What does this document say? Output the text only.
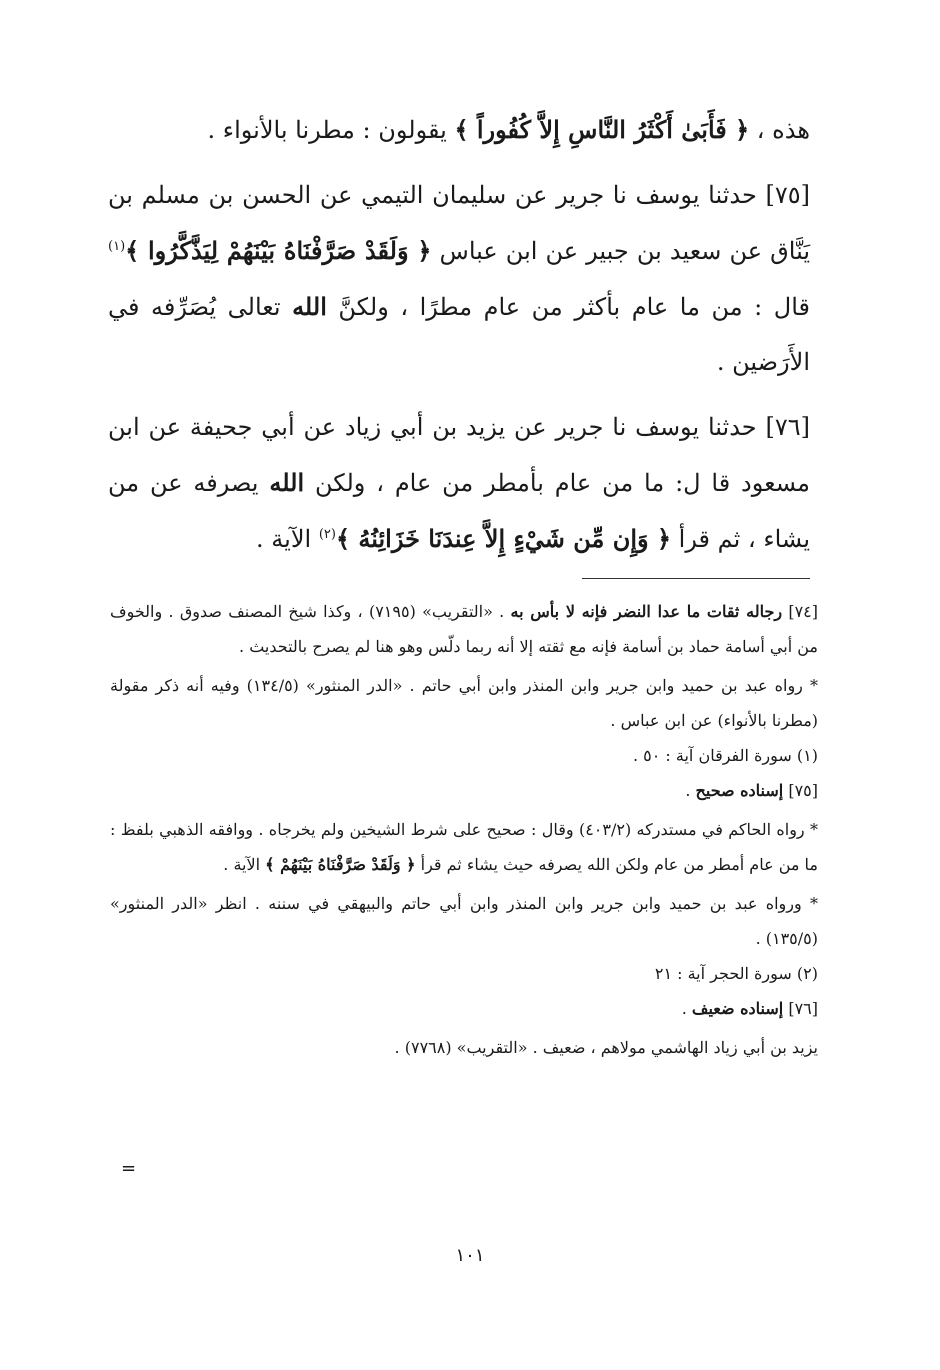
هذه ، ﴿ فَأَبَىٰ أَكْثَرُ النَّاسِ إِلاَّ كُفُوراً ﴾ يقولون : مطرنا بالأنواء .

[٧٥] حدثنا يوسف نا جرير عن سليمان التيمي عن الحسن بن مسلم بن يَنَّاق عن سعيد بن جبير عن ابن عباس ﴿ وَلَقَدْ صَرَّفْنَاهُ بَيْنَهُمْ لِيَذَّكَّرُوا ﴾$^{(١)}$ قال : من ما عام بأكثر من عام مطرًا ، ولكنَّ الله تعالى يُصَرِّفه في الأَرَضين .

[٧٦] حدثنا يوسف نا جرير عن يزيد بن أبي زياد عن أبي جحيفة عن ابن مسعود قا ل: ما من عام بأمطر من عام ، ولكن الله يصرفه عن من يشاء ، ثم قرأ ﴿ وَإِن مِّن شَيْءٍ إِلاَّ عِندَنَا خَزَائِنُهُ ﴾$^{(٢)}$ الآية .

[٧٤] رجاله ثقات ما عدا النضر فإنه لا بأس به . «التقريب» (٧١٩٥) ، وكذا شيخ المصنف صدوق . والخوف من أبي أسامة حماد بن أسامة فإنه مع ثقته إلا أنه ربما دلّس وهو هنا لم يصرح بالتحديث .

* رواه عبد بن حميد وابن جرير وابن المنذر وابن أبي حاتم . «الدر المنثور» (١٣٤/٥) وفيه أنه ذكر مقولة (مطرنا بالأنواء) عن ابن عباس .

(١) سورة الفرقان آية : ٥٠ .

[٧٥] إسناده صحيح .

* رواه الحاكم في مستدركه (٤٠٣/٢) وقال : صحيح على شرط الشيخين ولم يخرجاه . ووافقه الذهبي بلفظ : ما من عام أمطر من عام ولكن الله يصرفه حيث يشاء ثم قرأ ﴿ وَلَقَدْ صَرَّفْنَاهُ بَيْنَهُمْ ﴾ الآية .

* ورواه عبد بن حميد وابن جرير وابن المنذر وابن أبي حاتم والبيهقي في سننه . انظر «الدر المنثور» (١٣٥/٥) .

(٢) سورة الحجر آية : ٢١

[٧٦] إسناده ضعيف .

يزيد بن أبي زياد الهاشمي مولاهم ، ضعيف . «التقريب» (٧٧٦٨) .

=
١٠١
